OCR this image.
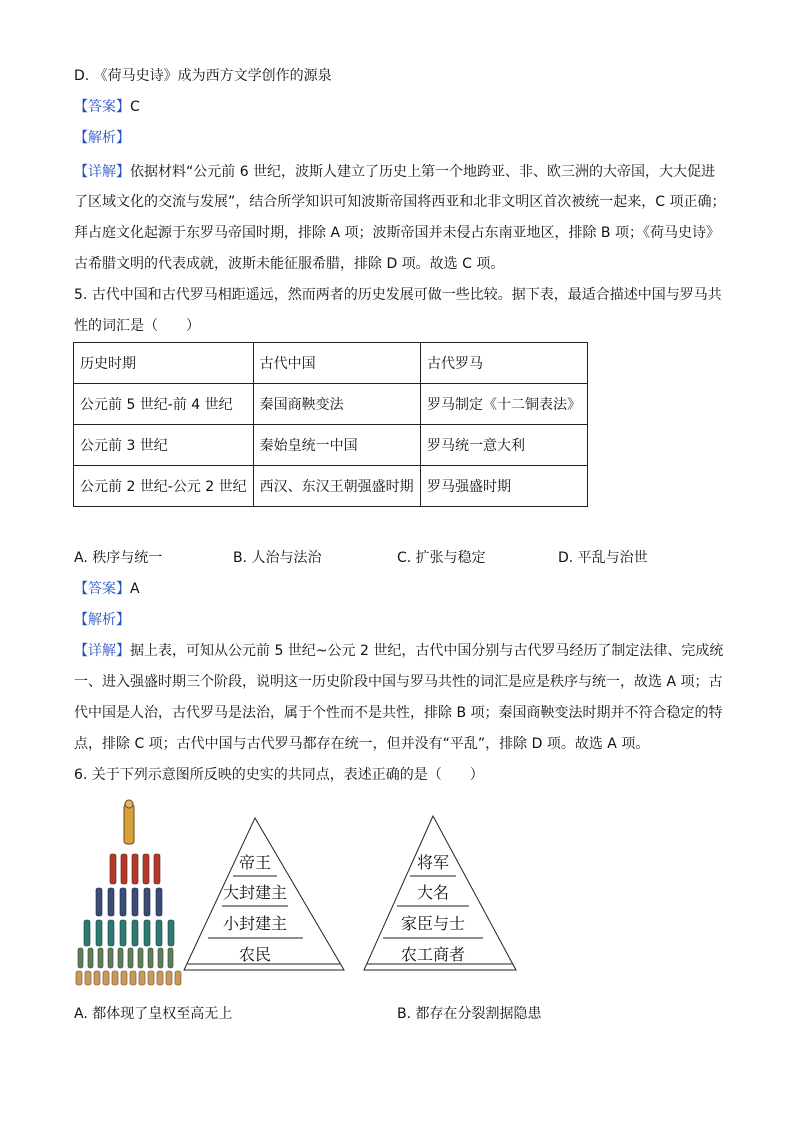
D. 《荷马史诗》成为西方文学创作的源泉
【答案】C
【解析】
【详解】依据材料“公元前 6 世纪，波斯人建立了历史上第一个地跨亚、非、欧三洲的大帝国，大大促进
了区域文化的交流与发展”，结合所学知识可知波斯帝国将西亚和北非文明区首次被统一起来，C 项正确；
拜占庭文化起源于东罗马帝国时期，排除 A 项；波斯帝国并未侵占东南亚地区，排除 B 项；《荷马史诗》
古希腊文明的代表成就，波斯未能征服希腊，排除 D 项。故选 C 项。
5. 古代中国和古代罗马相距遥远，然而两者的历史发展可做一些比较。据下表，最适合描述中国与罗马共
性的词汇是（　　）
历史时期	古代中国	古代罗马
公元前 5 世纪-前 4 世纪	秦国商鞅变法	罗马制定《十二铜表法》
公元前 3 世纪	秦始皇统一中国	罗马统一意大利
公元前 2 世纪-公元 2 世纪	西汉、东汉王朝强盛时期	罗马强盛时期
A. 秩序与统一	B. 人治与法治	C. 扩张与稳定	D. 平乱与治世
【答案】A
【解析】
【详解】据上表，可知从公元前 5 世纪~公元 2 世纪，古代中国分别与古代罗马经历了制定法律、完成统
一、进入强盛时期三个阶段，说明这一历史阶段中国与罗马共性的词汇是应是秩序与统一，故选 A 项；古
代中国是人治，古代罗马是法治，属于个性而不是共性，排除 B 项；秦国商鞅变法时期并不符合稳定的特
点，排除 C 项；古代中国与古代罗马都存在统一，但并没有“平乱”，排除 D 项。故选 A 项。
6. 关于下列示意图所反映的史实的共同点，表述正确的是（　　）
帝王
大封建主
小封建主
农民
将军
大名
家臣与士
农工商者
A. 都体现了皇权至高无上	B. 都存在分裂割据隐患
